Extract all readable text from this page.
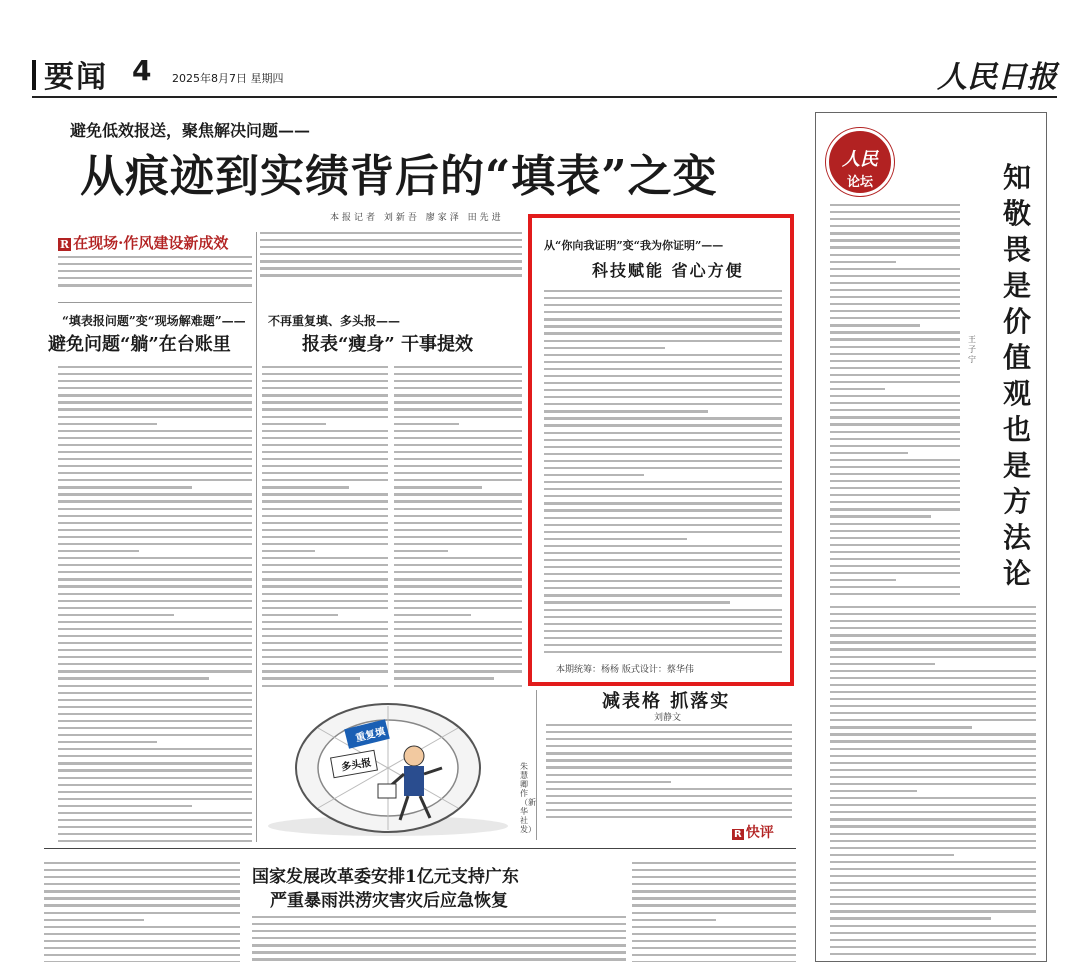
要闻 4 2025年8月7日 星期四	人民日报
避免低效报送，聚焦解决问题——
从痕迹到实绩背后的“填表”之变
本报记者 刘新吾 廖家泽 田先进
R 在现场·作风建设新成效
“填表报问题”变“现场解难题”——
避免问题“躺”在台账里
不再重复填、多头报——
报表“瘦身” 干事提效
从“你向我证明”变“我为你证明”——
科技赋能 省心方便
本期统筹：杨杨 版式设计：蔡华伟
重复填
多头报	朱慧卿作（新华社发）
减表格 抓落实
刘静文
R 快评
国家发展改革委安排1亿元支持广东
严重暴雨洪涝灾害灾后应急恢复
人民
论坛	知
敬
畏
是
价
值
观
也
是
方
法
论
王子宁
